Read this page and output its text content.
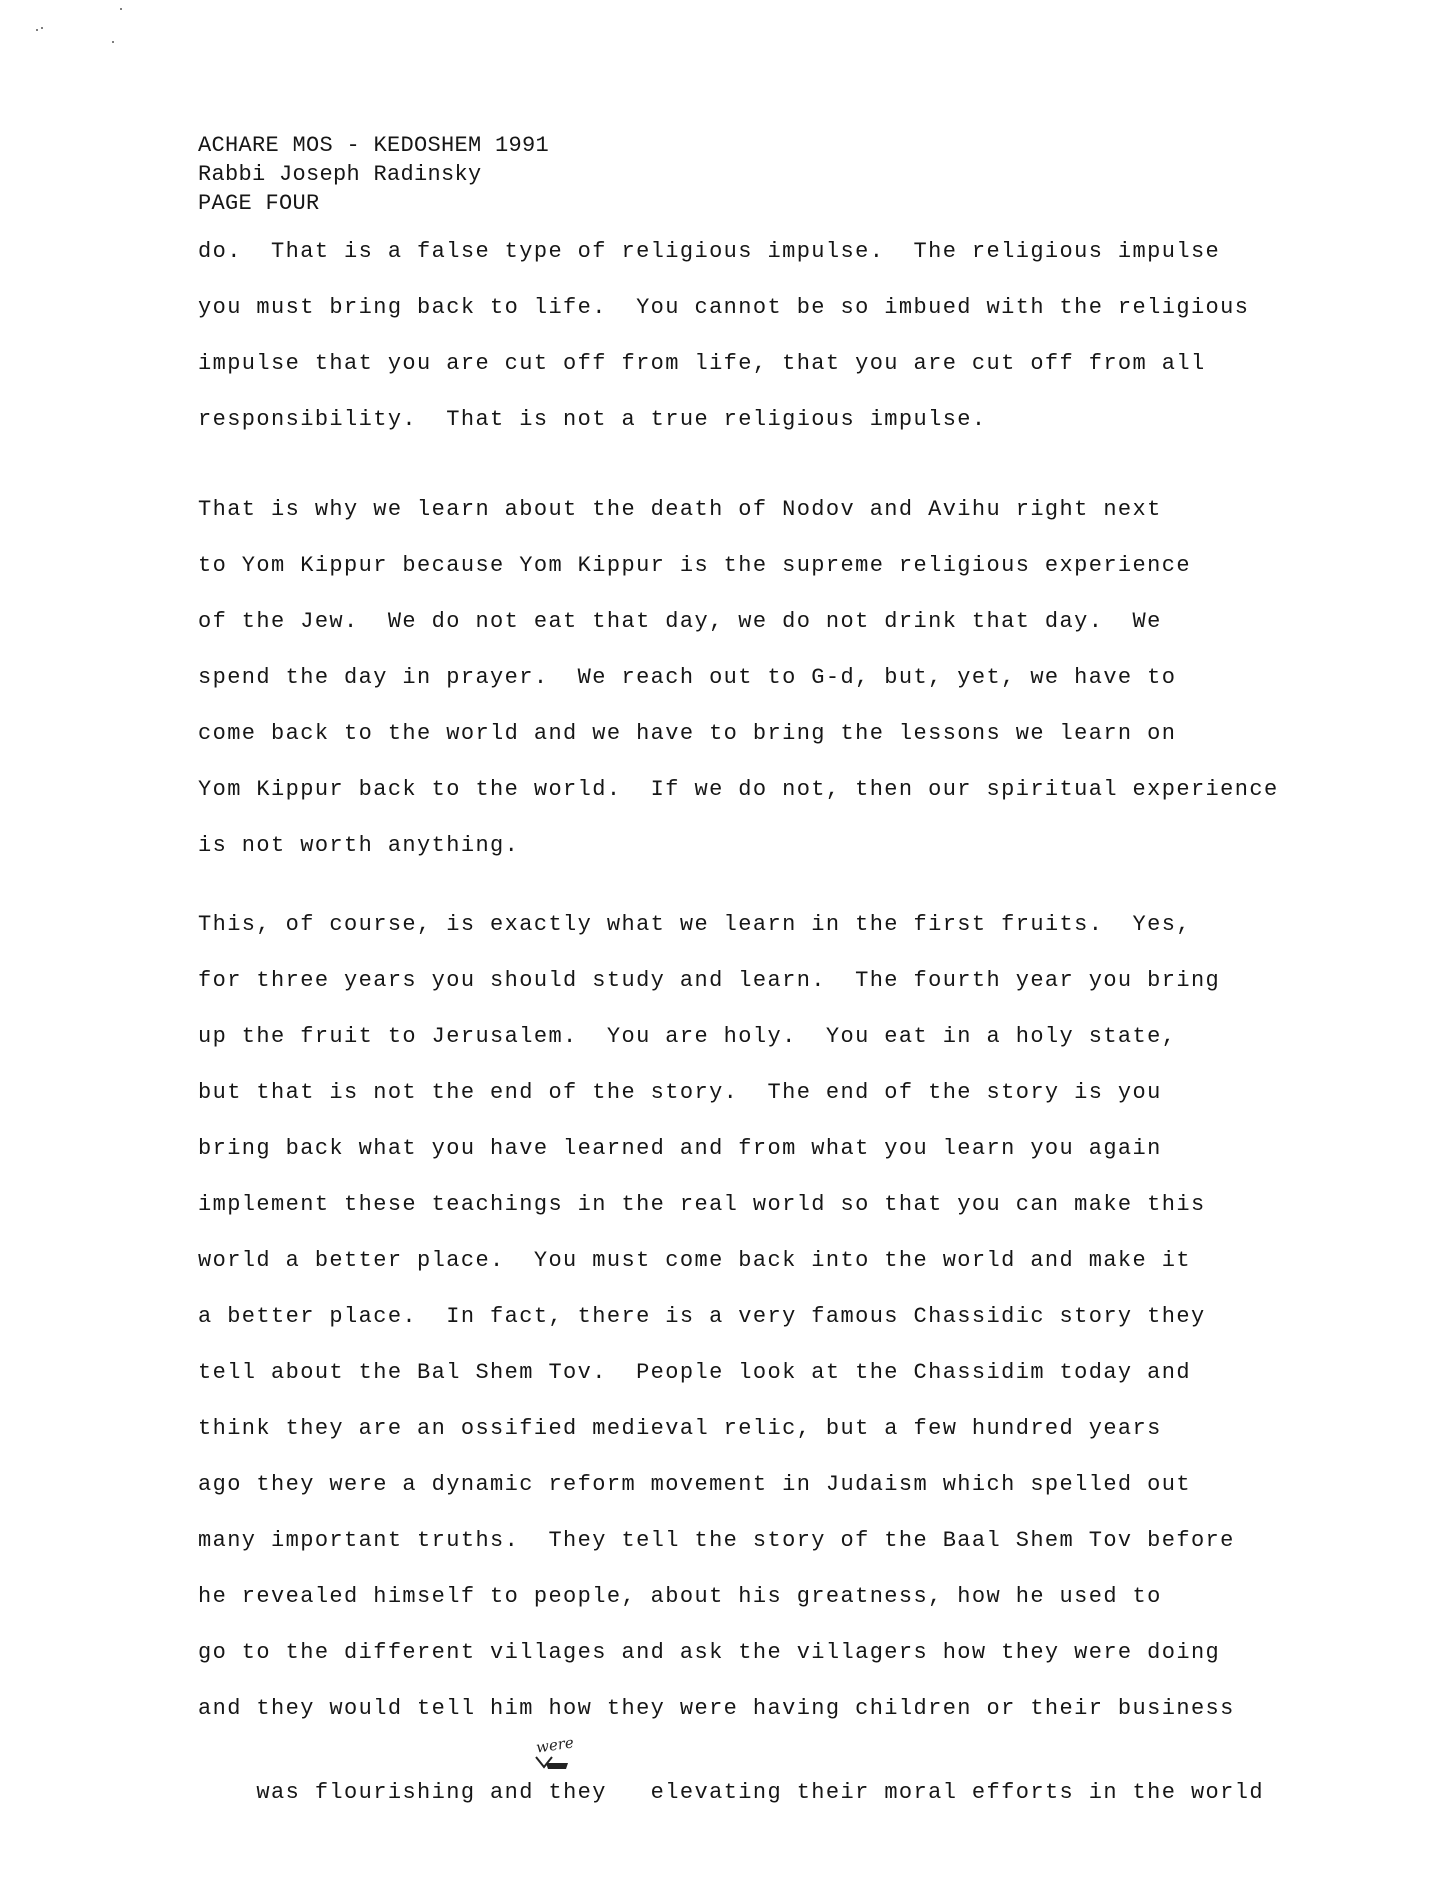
ACHARE MOS - KEDOSHEM 1991
Rabbi Joseph Radinsky
PAGE FOUR
do.  That is a false type of religious impulse.  The religious impulse
you must bring back to life.  You cannot be so imbued with the religious
impulse that you are cut off from life, that you are cut off from all
responsibility.  That is not a true religious impulse.
That is why we learn about the death of Nodov and Avihu right next
to Yom Kippur because Yom Kippur is the supreme religious experience
of the Jew.  We do not eat that day, we do not drink that day.  We
spend the day in prayer.  We reach out to G-d, but, yet, we have to
come back to the world and we have to bring the lessons we learn on
Yom Kippur back to the world.  If we do not, then our spiritual experience
is not worth anything.
This, of course, is exactly what we learn in the first fruits.  Yes,
for three years you should study and learn.  The fourth year you bring
up the fruit to Jerusalem.  You are holy.  You eat in a holy state,
but that is not the end of the story.  The end of the story is you
bring back what you have learned and from what you learn you again
implement these teachings in the real world so that you can make this
world a better place.  You must come back into the world and make it
a better place.  In fact, there is a very famous Chassidic story they
tell about the Bal Shem Tov.  People look at the Chassidim today and
think they are an ossified medieval relic, but a few hundred years
ago they were a dynamic reform movement in Judaism which spelled out
many important truths.  They tell the story of the Baal Shem Tov before
he revealed himself to people, about his greatness, how he used to
go to the different villages and ask the villagers how they were doing
and they would tell him how they were having children or their business

was flourishing and they   elevating their moral efforts in the world

were
